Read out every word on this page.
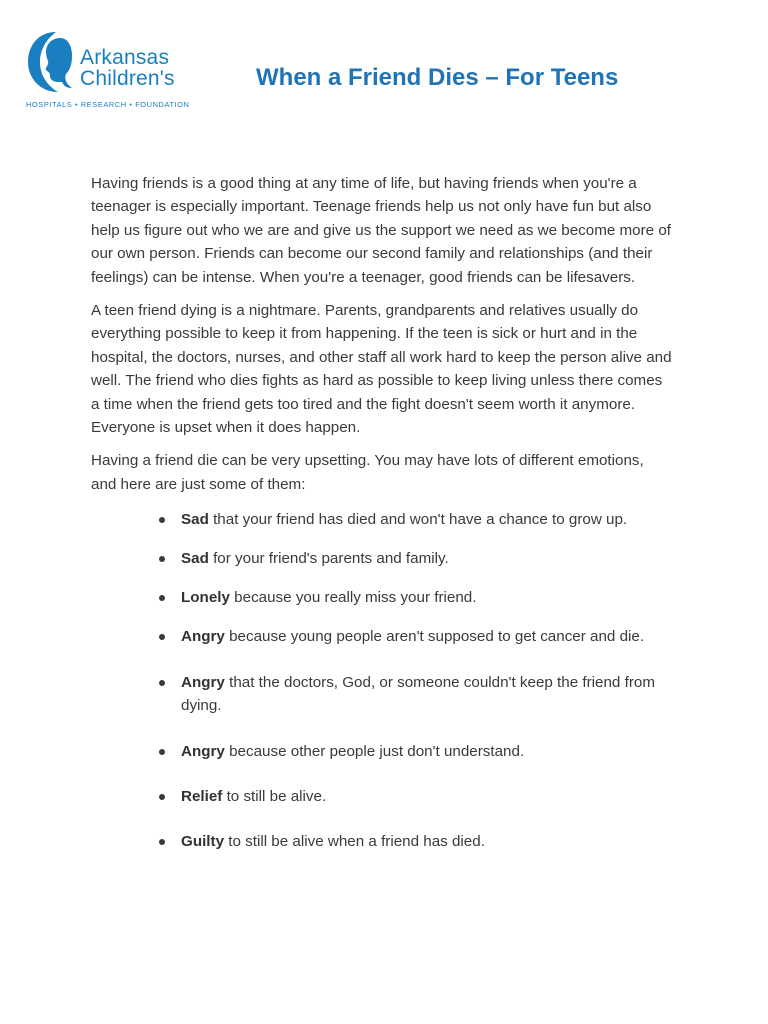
Arkansas
Children's
HOSPITALS • RESEARCH • FOUNDATION
When a Friend Dies – For Teens

Having friends is a good thing at any time of life, but having friends when you're a teenager is especially important. Teenage friends help us not only have fun but also help us figure out who we are and give us the support we need as we become more of our own person. Friends can become our second family and relationships (and their feelings) can be intense. When you're a teenager, good friends can be lifesavers.

A teen friend dying is a nightmare. Parents, grandparents and relatives usually do everything possible to keep it from happening. If the teen is sick or hurt and in the hospital, the doctors, nurses, and other staff all work hard to keep the person alive and well. The friend who dies fights as hard as possible to keep living unless there comes a time when the friend gets too tired and the fight doesn't seem worth it anymore. Everyone is upset when it does happen.

Having a friend die can be very upsetting. You may have lots of different emotions, and here are just some of them:

Sad that your friend has died and won't have a chance to grow up.
Sad for your friend's parents and family.
Lonely because you really miss your friend.
Angry because young people aren't supposed to get cancer and die.
Angry that the doctors, God, or someone couldn't keep the friend from dying.
Angry because other people just don't understand.
Relief to still be alive.
Guilty to still be alive when a friend has died.
